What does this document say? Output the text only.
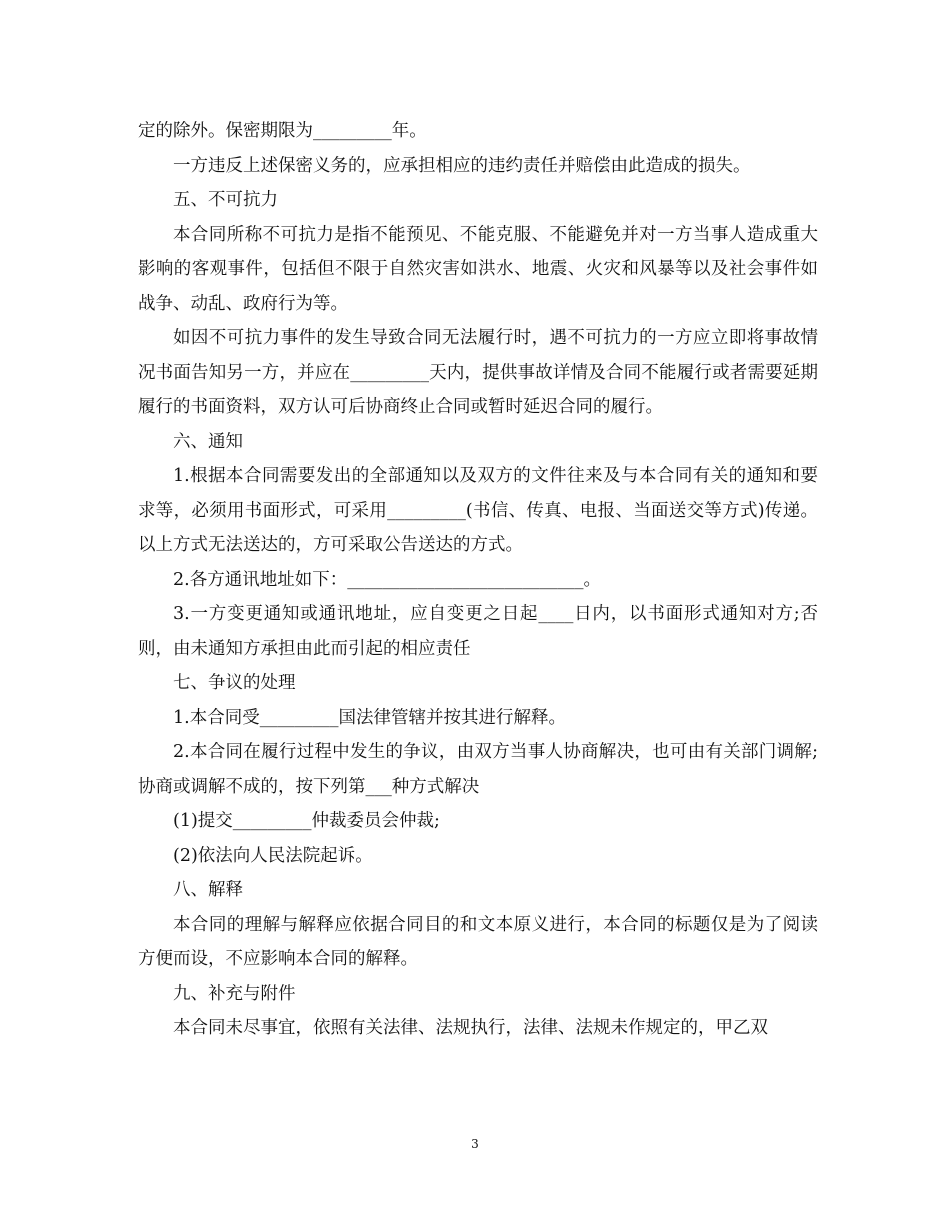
定的除外。保密期限为_________年。

一方违反上述保密义务的，应承担相应的违约责任并赔偿由此造成的损失。

五、不可抗力

本合同所称不可抗力是指不能预见、不能克服、不能避免并对一方当事人造成重大影响的客观事件，包括但不限于自然灾害如洪水、地震、火灾和风暴等以及社会事件如战争、动乱、政府行为等。

如因不可抗力事件的发生导致合同无法履行时，遇不可抗力的一方应立即将事故情况书面告知另一方，并应在_________天内，提供事故详情及合同不能履行或者需要延期履行的书面资料，双方认可后协商终止合同或暂时延迟合同的履行。

六、通知

1.根据本合同需要发出的全部通知以及双方的文件往来及与本合同有关的通知和要求等，必须用书面形式，可采用_________(书信、传真、电报、当面送交等方式)传递。以上方式无法送达的，方可采取公告送达的方式。

2.各方通讯地址如下：___________________________。

3.一方变更通知或通讯地址，应自变更之日起____日内，以书面形式通知对方;否则，由未通知方承担由此而引起的相应责任

七、争议的处理

1.本合同受_________国法律管辖并按其进行解释。

2.本合同在履行过程中发生的争议，由双方当事人协商解决，也可由有关部门调解;协商或调解不成的，按下列第___种方式解决

(1)提交_________仲裁委员会仲裁;

(2)依法向人民法院起诉。

八、解释

本合同的理解与解释应依据合同目的和文本原义进行，本合同的标题仅是为了阅读方便而设，不应影响本合同的解释。

九、补充与附件

本合同未尽事宜，依照有关法律、法规执行，法律、法规未作规定的，甲乙双

3
